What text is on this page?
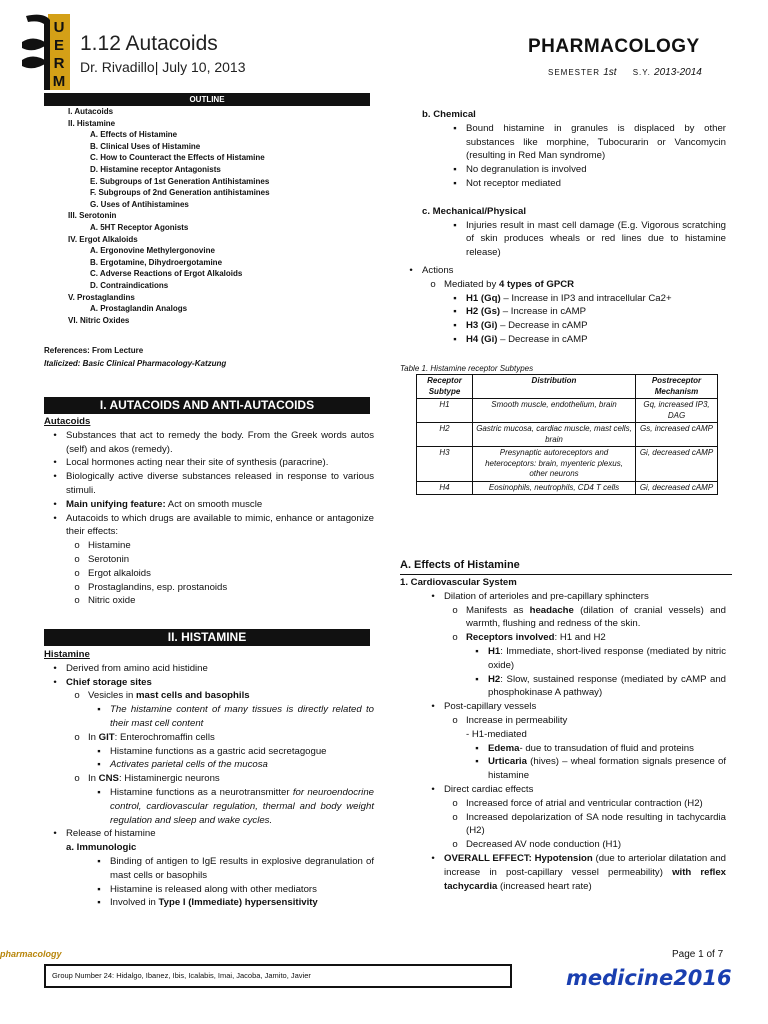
U
E
R
M
1.12 Autacoids
Dr. Rivadillo| July 10, 2013
PHARMACOLOGY
SEMESTER 1st S.Y. 2013-2014
OUTLINE
I. Autacoids
II. Histamine
A. Effects of Histamine
B. Clinical Uses of Histamine
C. How to Counteract the Effects of Histamine
D. Histamine receptor Antagonists
E. Subgroups of 1st Generation Antihistamines
F. Subgroups of 2nd Generation antihistamines
G. Uses of Antihistamines
III. Serotonin
A. 5HT Receptor Agonists
IV. Ergot Alkaloids
A. Ergonovine Methylergonovine
B. Ergotamine, Dihydroergotamine
C. Adverse Reactions of Ergot Alkaloids
D. Contraindications
V. Prostaglandins
A. Prostaglandin Analogs
VI. Nitric Oxides
References: From Lecture
Italicized: Basic Clinical Pharmacology-Katzung
I. AUTACOIDS AND ANTI-AUTACOIDS
Autacoids
• Substances that act to remedy the body. From the Greek words autos (self) and akos (remedy).
• Local hormones acting near their site of synthesis (paracrine).
• Biologically active diverse substances released in response to various stimuli.
• Main unifying feature: Act on smooth muscle
• Autacoids to which drugs are available to mimic, enhance or antagonize their effects:
o Histamine
o Serotonin
o Ergot alkaloids
o Prostaglandins, esp. prostanoids
o Nitric oxide
II. HISTAMINE
Histamine
• Derived from amino acid histidine
• Chief storage sites
o Vesicles in mast cells and basophils
▪ The histamine content of many tissues is directly related to their mast cell content
o In GIT: Enterochromaffin cells
▪ Histamine functions as a gastric acid secretagogue
▪ Activates parietal cells of the mucosa
o In CNS: Histaminergic neurons
▪ Histamine functions as a neurotransmitter for neuroendocrine control, cardiovascular regulation, thermal and body weight regulation and sleep and wake cycles.
• Release of histamine
a. Immunologic
▪ Binding of antigen to IgE results in explosive degranulation of mast cells or basophils
▪ Histamine is released along with other mediators
▪ Involved in Type I (Immediate) hypersensitivity
b. Chemical
▪ Bound histamine in granules is displaced by other substances like morphine, Tubocurarin or Vancomycin (resulting in Red Man syndrome)
▪ No degranulation is involved
▪ Not receptor mediated
c. Mechanical/Physical
▪ Injuries result in mast cell damage (E.g. Vigorous scratching of skin produces wheals or red lines due to histamine release)
• Actions
o Mediated by 4 types of GPCR
▪ H1 (Gq) – Increase in IP3 and intracellular Ca2+
▪ H2 (Gs) – Increase in cAMP
▪ H3 (Gi) – Decrease in cAMP
▪ H4 (Gi) – Decrease in cAMP
Table 1. Histamine receptor Subtypes
Receptor Subtype	Distribution	Postreceptor Mechanism
H1	Smooth muscle, endothelium, brain	Gq, increased IP3, DAG
H2	Gastric mucosa, cardiac muscle, mast cells, brain	Gs, increased cAMP
H3	Presynaptic autoreceptors and heteroceptors: brain, myenteric plexus, other neurons	Gi, decreased cAMP
H4	Eosinophils, neutrophils, CD4 T cells	Gi, decreased cAMP
A. Effects of Histamine
1. Cardiovascular System
• Dilation of arterioles and pre-capillary sphincters
o Manifests as headache (dilation of cranial vessels) and warmth, flushing and redness of the skin.
o Receptors involved: H1 and H2
▪ H1: Immediate, short-lived response (mediated by nitric oxide)
▪ H2: Slow, sustained response (mediated by cAMP and phosphokinase A pathway)
• Post-capillary vessels
o Increase in permeability
- H1-mediated
▪ Edema- due to transudation of fluid and proteins
▪ Urticaria (hives) – wheal formation signals presence of histamine
• Direct cardiac effects
o Increased force of atrial and ventricular contraction (H2)
o Increased depolarization of SA node resulting in tachycardia (H2)
o Decreased AV node conduction (H1)
• OVERALL EFFECT: Hypotension (due to arteriolar dilatation and increase in post-capillary vessel permeability) with reflex tachycardia (increased heart rate)
pharmacology	Page 1 of 7
Group Number 24: Hidalgo, Ibanez, Ibis, Icalabis, Imai, Jacoba, Jamito, Javier	medicine2016
